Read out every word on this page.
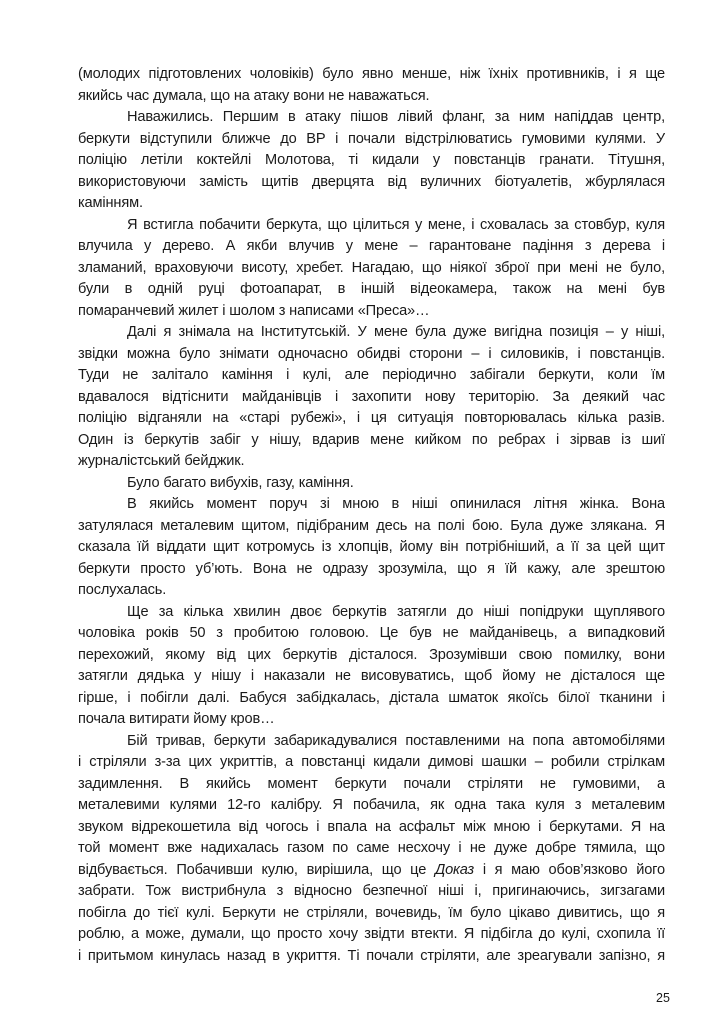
(молодих підготовлених чоловіків) було явно менше, ніж їхніх противників, і я ще
якийсь час думала, що на атаку вони не наважаться.
Наважились. Першим в атаку пішов лівий фланг, за ним напіддав центр,
беркути відступили ближче до ВР і почали відстрілюватись гумовими кулями. У
поліцію летіли коктейлі Молотова, ті кидали у повстанців гранати. Тітушня,
використовуючи замість щитів дверцята від вуличних біотуалетів, жбурлялася
камінням.
Я встигла побачити беркута, що цілиться у мене, і сховалась за стовбур, куля
влучила у дерево. А якби влучив у мене – гарантоване падіння з дерева і
зламаний, враховуючи висоту, хребет. Нагадаю, що ніякої зброї при мені не було,
були в одній руці фотоапарат, в іншій відеокамера, також на мені був
помаранчевий жилет і шолом з написами «Преса»…
Далі я знімала на Інститутській. У мене була дуже вигідна позиція – у ніші,
звідки можна було знімати одночасно обидві сторони – і силовиків, і повстанців.
Туди не залітало каміння і кулі, але періодично забігали беркути, коли їм
вдавалося відтіснити майданівців і захопити нову територію. За деякий час
поліцію відганяли на «старі рубежі», і ця ситуація повторювалась кілька разів.
Один із беркутів забіг у нішу, вдарив мене кийком по ребрах і зірвав із шиї
журналістський бейджик.
Було багато вибухів, газу, каміння.
В якийсь момент поруч зі мною в ніші опинилася літня жінка. Вона
затулялася металевим щитом, підібраним десь на полі бою. Була дуже злякана. Я
сказала їй віддати щит котромусь із хлопців, йому він потрібніший, а її за цей щит
беркути просто уб’ють. Вона не одразу зрозуміла, що я їй кажу, але зрештою
послухалась.
Ще за кілька хвилин двоє беркутів затягли до ніші попідруки щуплявого
чоловіка років 50 з пробитою головою. Це був не майданівець, а випадковий
перехожий, якому від цих беркутів дісталося. Зрозумівши свою помилку, вони
затягли дядька у нішу і наказали не висовуватись, щоб йому не дісталося ще
гірше, і побігли далі. Бабуся забідкалась, дістала шматок якоїсь білої тканини і
почала витирати йому кров…
Бій тривав, беркути забарикадувалися поставленими на попа автомобілями
і стріляли з-за цих укриттів, а повстанці кидали димові шашки – робили стрілкам
задимлення. В якийсь момент беркути почали стріляти не гумовими, а
металевими кулями 12-го калібру. Я побачила, як одна така куля з металевим
звуком відрекошетила від чогось і впала на асфальт між мною і беркутами. Я на
той момент вже надихалась газом по саме несхочу і не дуже добре тямила, що
відбувається. Побачивши кулю, вирішила, що це Доказ і я маю обов’язково його
забрати. Тож вистрибнула з відносно безпечної ніші і, пригинаючись, зигзагами
побігла до тієї кулі. Беркути не стріляли, вочевидь, їм було цікаво дивитись, що я
роблю, а може, думали, що просто хочу звідти втекти. Я підбігла до кулі, схопила її
і притьмом кинулась назад в укриття. Ті почали стріляти, але зреагували запізно, я
25
